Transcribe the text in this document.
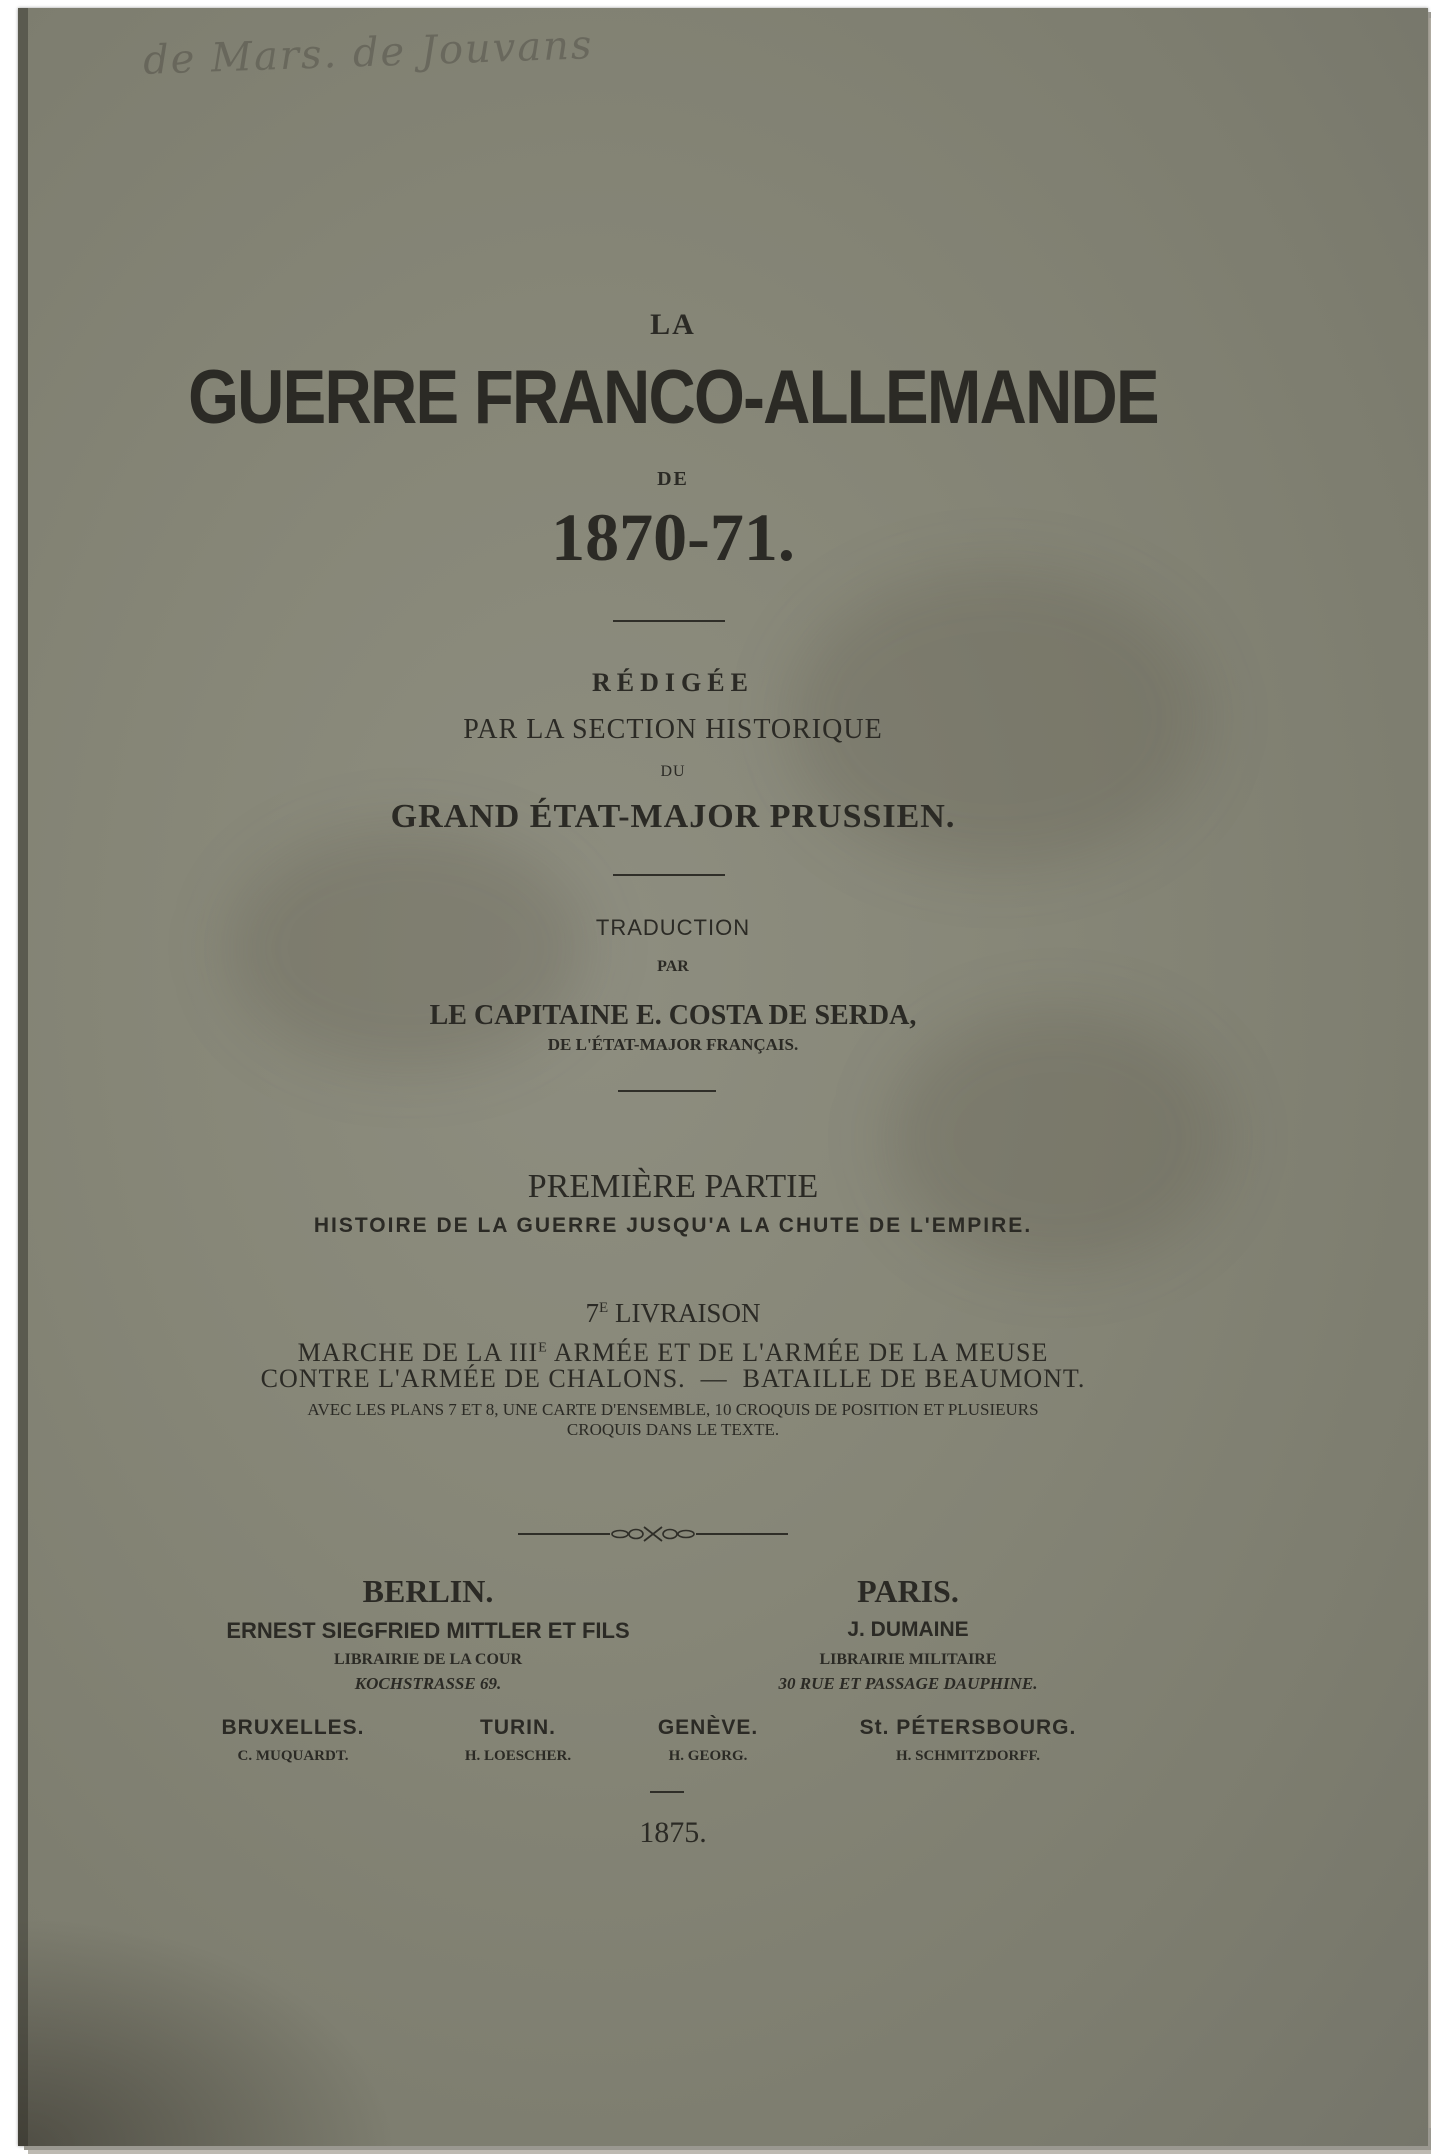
de Mars. de Jouvans
LA
GUERRE FRANCO-ALLEMANDE
DE
1870-71.
RÉDIGÉE
PAR LA SECTION HISTORIQUE
DU
GRAND ÉTAT-MAJOR PRUSSIEN.
TRADUCTION
PAR
LE CAPITAINE E. COSTA DE SERDA,
DE L'ÉTAT-MAJOR FRANÇAIS.
PREMIÈRE PARTIE
HISTOIRE DE LA GUERRE JUSQU'A LA CHUTE DE L'EMPIRE.
$7^E$ LIVRAISON
MARCHE DE LA $III^E$ ARMÉE ET DE L'ARMÉE DE LA MEUSE
CONTRE L'ARMÉE DE CHALONS.  —  BATAILLE DE BEAUMONT.
AVEC LES PLANS 7 ET 8, UNE CARTE D'ENSEMBLE, 10 CROQUIS DE POSITION ET PLUSIEURS
CROQUIS DANS LE TEXTE.
BERLIN.
ERNEST SIEGFRIED MITTLER ET FILS
LIBRAIRIE DE LA COUR
KOCHSTRASSE 69.
PARIS.
J. DUMAINE
LIBRAIRIE MILITAIRE
30 RUE ET PASSAGE DAUPHINE.
BRUXELLES.
C. MUQUARDT.
TURIN.
H. LOESCHER.
GENÈVE.
H. GEORG.
St. PÉTERSBOURG.
H. SCHMITZDORFF.
1875.
